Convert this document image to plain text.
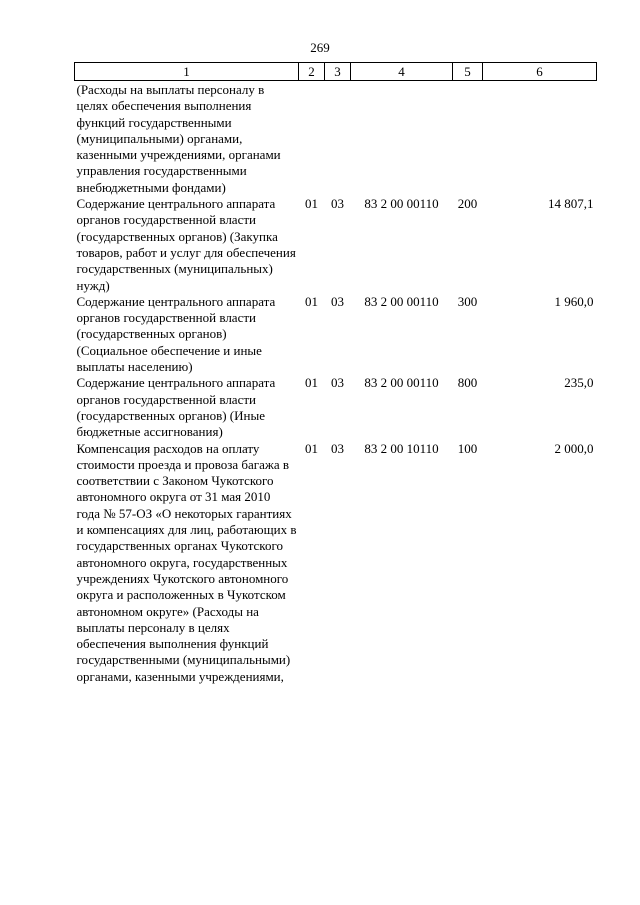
269
1	2	3	4	5	6
(Расходы на выплаты персоналу в целях обеспечения выполнения функций государственными (муниципальными) органами, казенными учреждениями, органами управления государственными внебюджетными фондами)					
Содержание центрального аппарата органов государственной власти (государственных органов) (Закупка товаров, работ и услуг для обеспечения государственных (муниципальных) нужд)	01	03	83 2 00 00110	200	14 807,1
Содержание центрального аппарата органов государственной власти (государственных органов) (Социальное обеспечение и иные выплаты населению)	01	03	83 2 00 00110	300	1 960,0
Содержание центрального аппарата органов государственной власти (государственных органов) (Иные бюджетные ассигнования)	01	03	83 2 00 00110	800	235,0
Компенсация расходов на оплату стоимости проезда и провоза багажа в соответствии с Законом Чукотского автономного округа от 31 мая 2010 года № 57-ОЗ «О некоторых гарантиях и компенсациях для лиц, работающих в государственных органах Чукотского автономного округа, государственных учреждениях Чукотского автономного округа и расположенных в Чукотском автономном округе» (Расходы на выплаты персоналу в целях обеспечения выполнения функций государственными (муниципальными) органами, казенными учреждениями,	01	03	83 2 00 10110	100	2 000,0
